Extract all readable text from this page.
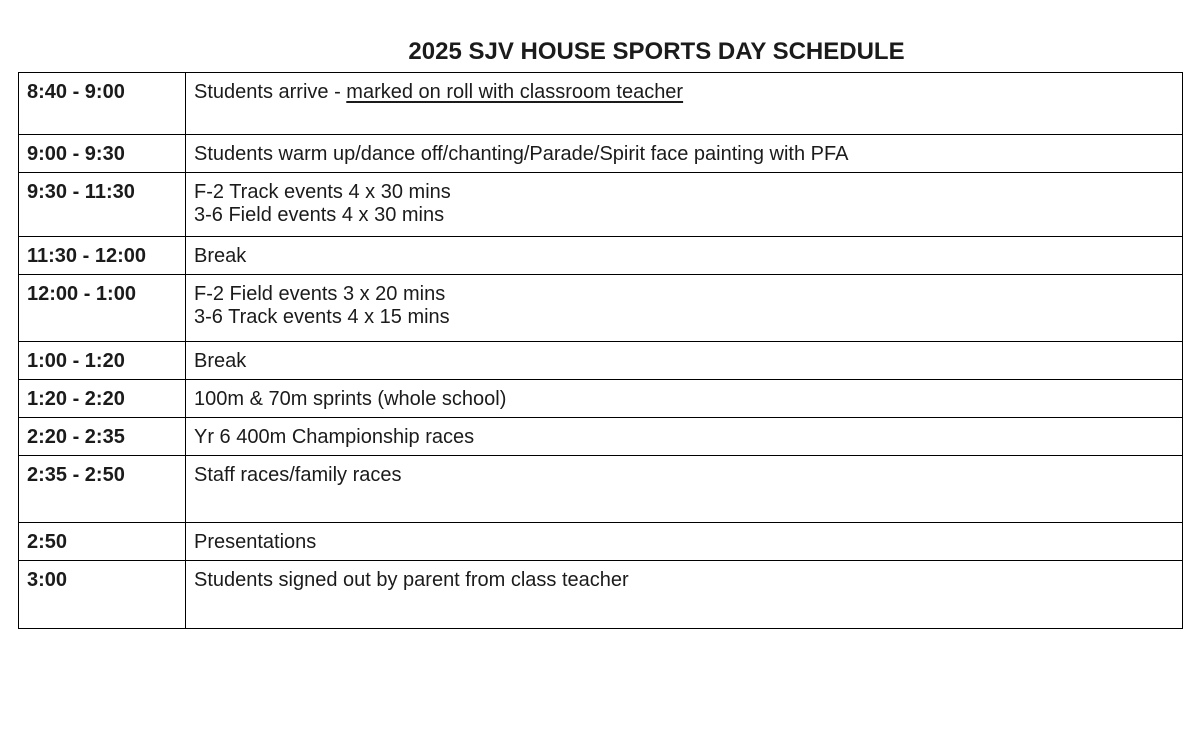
2025 SJV HOUSE SPORTS DAY SCHEDULE
8:40 - 9:00	Students arrive - marked on roll with classroom teacher

9:00 - 9:30	Students warm up/dance off/chanting/Parade/Spirit face painting with PFA

9:30 - 11:30	F-2 Track events 4 x 30 mins
3-6 Field events 4 x 30 mins

11:30 - 12:00	Break

12:00 - 1:00	F-2 Field events 3 x 20 mins
3-6 Track events 4 x 15 mins

1:00 - 1:20	Break

1:20 - 2:20	100m & 70m sprints (whole school)

2:20 - 2:35	Yr 6 400m Championship races

2:35 - 2:50	Staff races/family races

2:50	Presentations

3:00	Students signed out by parent from class teacher
